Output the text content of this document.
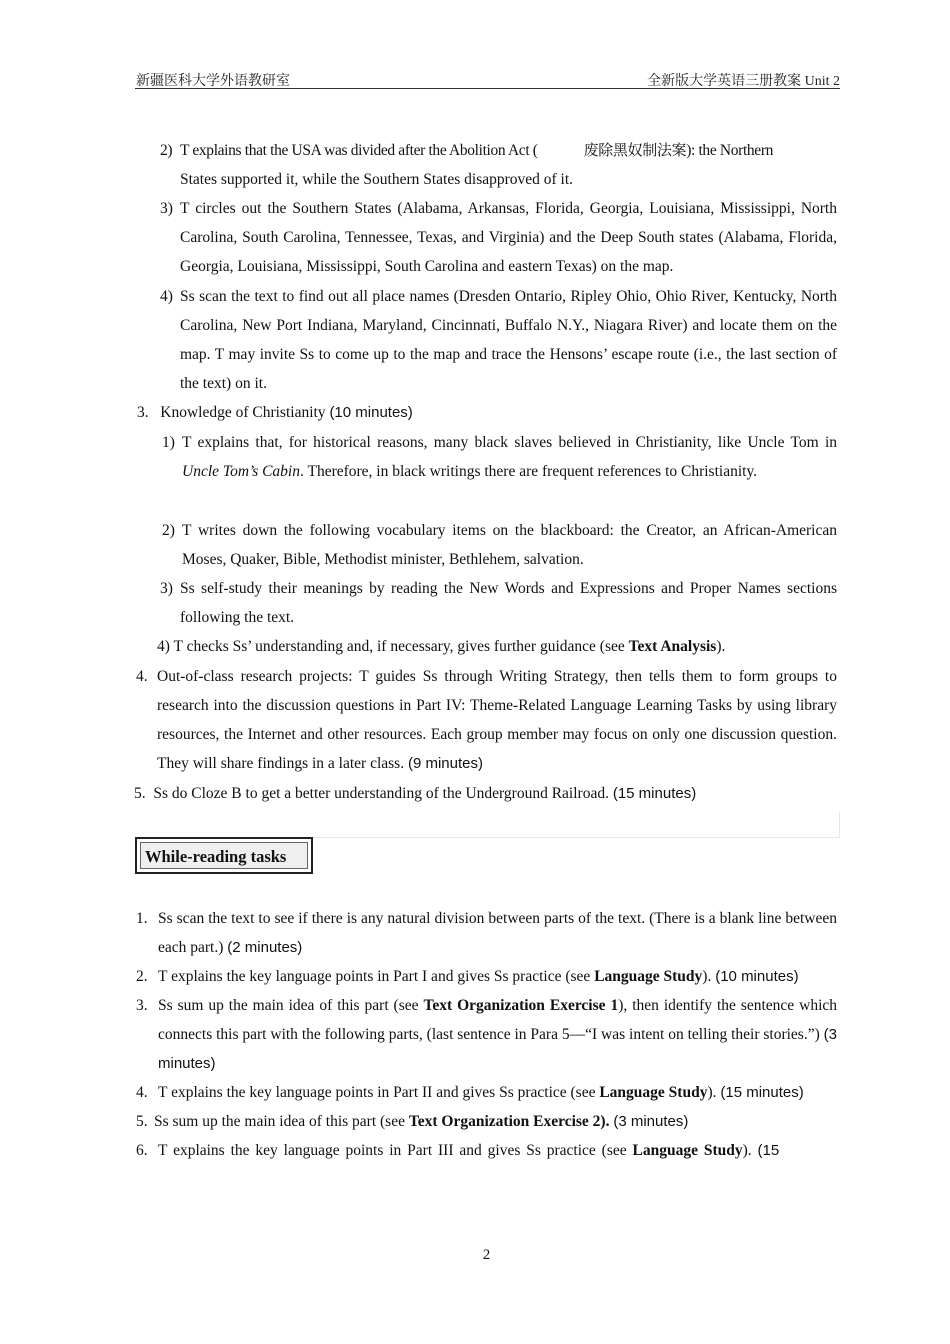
新疆医科大学外语教研室	全新版大学英语三册教案 Unit 2
2) T explains that the USA was divided after the Abolition Act (	废除黑奴制法案 ): the Northern
States supported it, while the Southern States disapproved of it.
3) T circles out the Southern States (Alabama, Arkansas, Florida, Georgia, Louisiana, Mississippi, North Carolina, South Carolina, Tennessee, Texas, and Virginia) and the Deep South states (Alabama, Florida, Georgia, Louisiana, Mississippi, South Carolina and eastern Texas) on the map.
4) Ss scan the text to find out all place names (Dresden Ontario, Ripley Ohio, Ohio River, Kentucky, North Carolina, New Port Indiana, Maryland, Cincinnati, Buffalo N.Y., Niagara River) and locate them on the map. T may invite Ss to come up to the map and trace the Hensons’ escape route (i.e., the last section of the text) on it.
3. Knowledge of Christianity (10 minutes)
1) T explains that, for historical reasons, many black slaves believed in Christianity, like Uncle Tom in Uncle Tom’s Cabin. Therefore, in black writings there are frequent references to Christianity.
2) T writes down the following vocabulary items on the blackboard: the Creator, an African-American Moses, Quaker, Bible, Methodist minister, Bethlehem, salvation.
3) Ss self-study their meanings by reading the New Words and Expressions and Proper Names sections following the text.
4) T checks Ss’ understanding and, if necessary, gives further guidance (see Text Analysis).
4. Out-of-class research projects: T guides Ss through Writing Strategy, then tells them to form groups to research into the discussion questions in Part IV: Theme-Related Language Learning Tasks by using library resources, the Internet and other resources. Each group member may focus on only one discussion question. They will share findings in a later class. (9 minutes)
5. Ss do Cloze B to get a better understanding of the Underground Railroad. (15 minutes)
While-reading tasks
1. Ss scan the text to see if there is any natural division between parts of the text. (There is a blank line between each part.) (2 minutes)
2. T explains the key language points in Part I and gives Ss practice (see Language Study). (10 minutes)
3. Ss sum up the main idea of this part (see Text Organization Exercise 1), then identify the sentence which connects this part with the following parts, (last sentence in Para 5—“I was intent on telling their stories.”) (3 minutes)
4. T explains the key language points in Part II and gives Ss practice (see Language Study). (15 minutes)
5. Ss sum up the main idea of this part (see Text Organization Exercise 2). (3 minutes)
6. T explains the key language points in Part III and gives Ss practice (see Language Study). (15
2
